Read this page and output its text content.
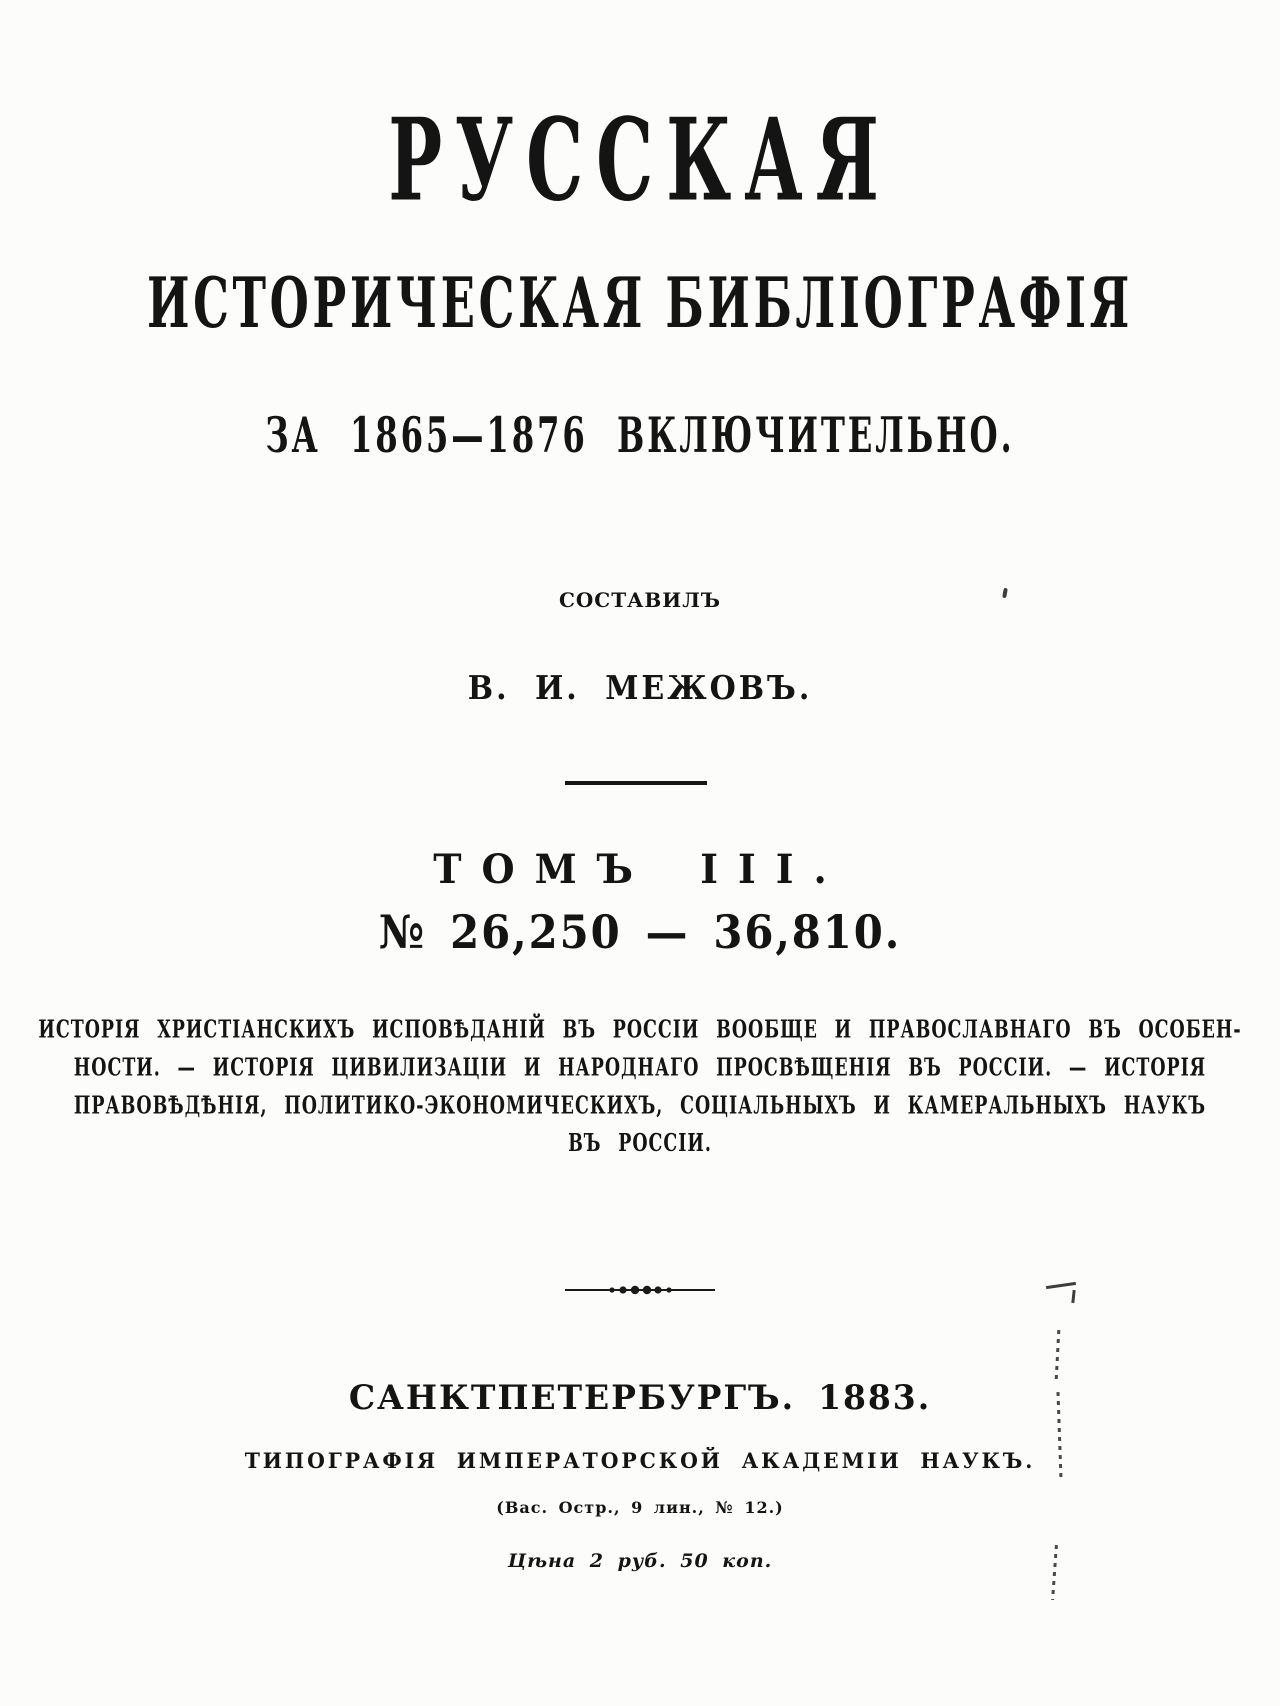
РУССКАЯ
ИСТОРИЧЕСКАЯ БИБЛІОГРАФІЯ
ЗА 1865—1876 ВКЛЮЧИТЕЛЬНО.
СОСТАВИЛЪ
В. И. МЕЖОВЪ.
ТОМЪ III.
№ 26,250 — 36,810.
ИСТОРІЯ ХРИСТІАНСКИХЪ ИСПОВѢДАНІЙ ВЪ РОССІИ ВООБЩЕ И ПРАВОСЛАВНАГО ВЪ ОСОБЕН-
НОСТИ. — ИСТОРІЯ ЦИВИЛИЗАЦІИ И НАРОДНАГО ПРОСВѢЩЕНІЯ ВЪ РОССІИ. — ИСТОРІЯ
ПРАВОВѢДѢНІЯ, ПОЛИТИКО-ЭКОНОМИЧЕСКИХЪ, СОЦІАЛЬНЫХЪ И КАМЕРАЛЬНЫХЪ НАУКЪ
ВЪ РОССІИ.
САНКТПЕТЕРБУРГЪ. 1883.
ТИПОГРАФІЯ ИМПЕРАТОРСКОЙ АКАДЕМІИ НАУКЪ.
(Вас. Остр., 9 лин., № 12.)
Цѣна 2 руб. 50 коп.
